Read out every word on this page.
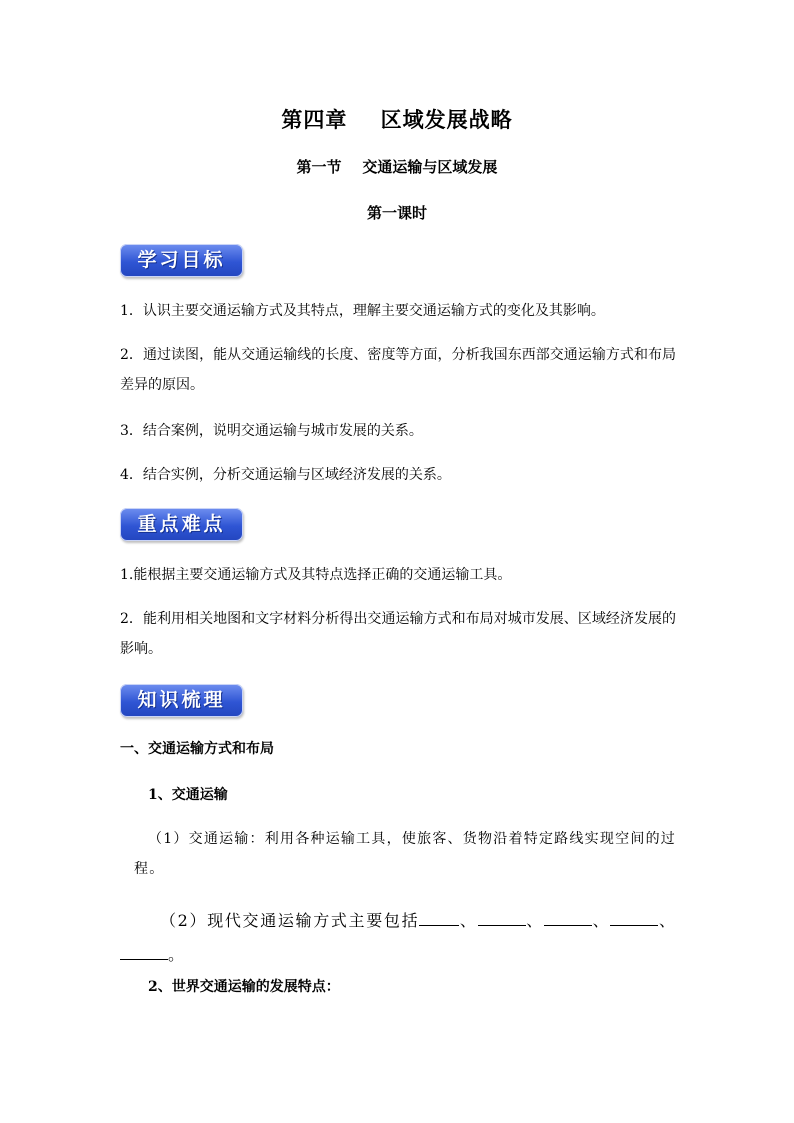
第四章    区域发展战略
第一节    交通运输与区域发展
第一课时
学习目标
1．认识主要交通运输方式及其特点，理解主要交通运输方式的变化及其影响。
2．通过读图，能从交通运输线的长度、密度等方面，分析我国东西部交通运输方式和布局差异的原因。
3．结合案例，说明交通运输与城市发展的关系。
4．结合实例，分析交通运输与区域经济发展的关系。
重点难点
1.能根据主要交通运输方式及其特点选择正确的交通运输工具。
2．能利用相关地图和文字材料分析得出交通运输方式和布局对城市发展、区域经济发展的影响。
知识梳理
一、交通运输方式和布局
1、交通运输
（1）交通运输：利用各种运输工具，使旅客、货物沿着特定路线实现空间的过程。
（2）现代交通运输方式主要包括	、	、	、	、。
2、世界交通运输的发展特点：
